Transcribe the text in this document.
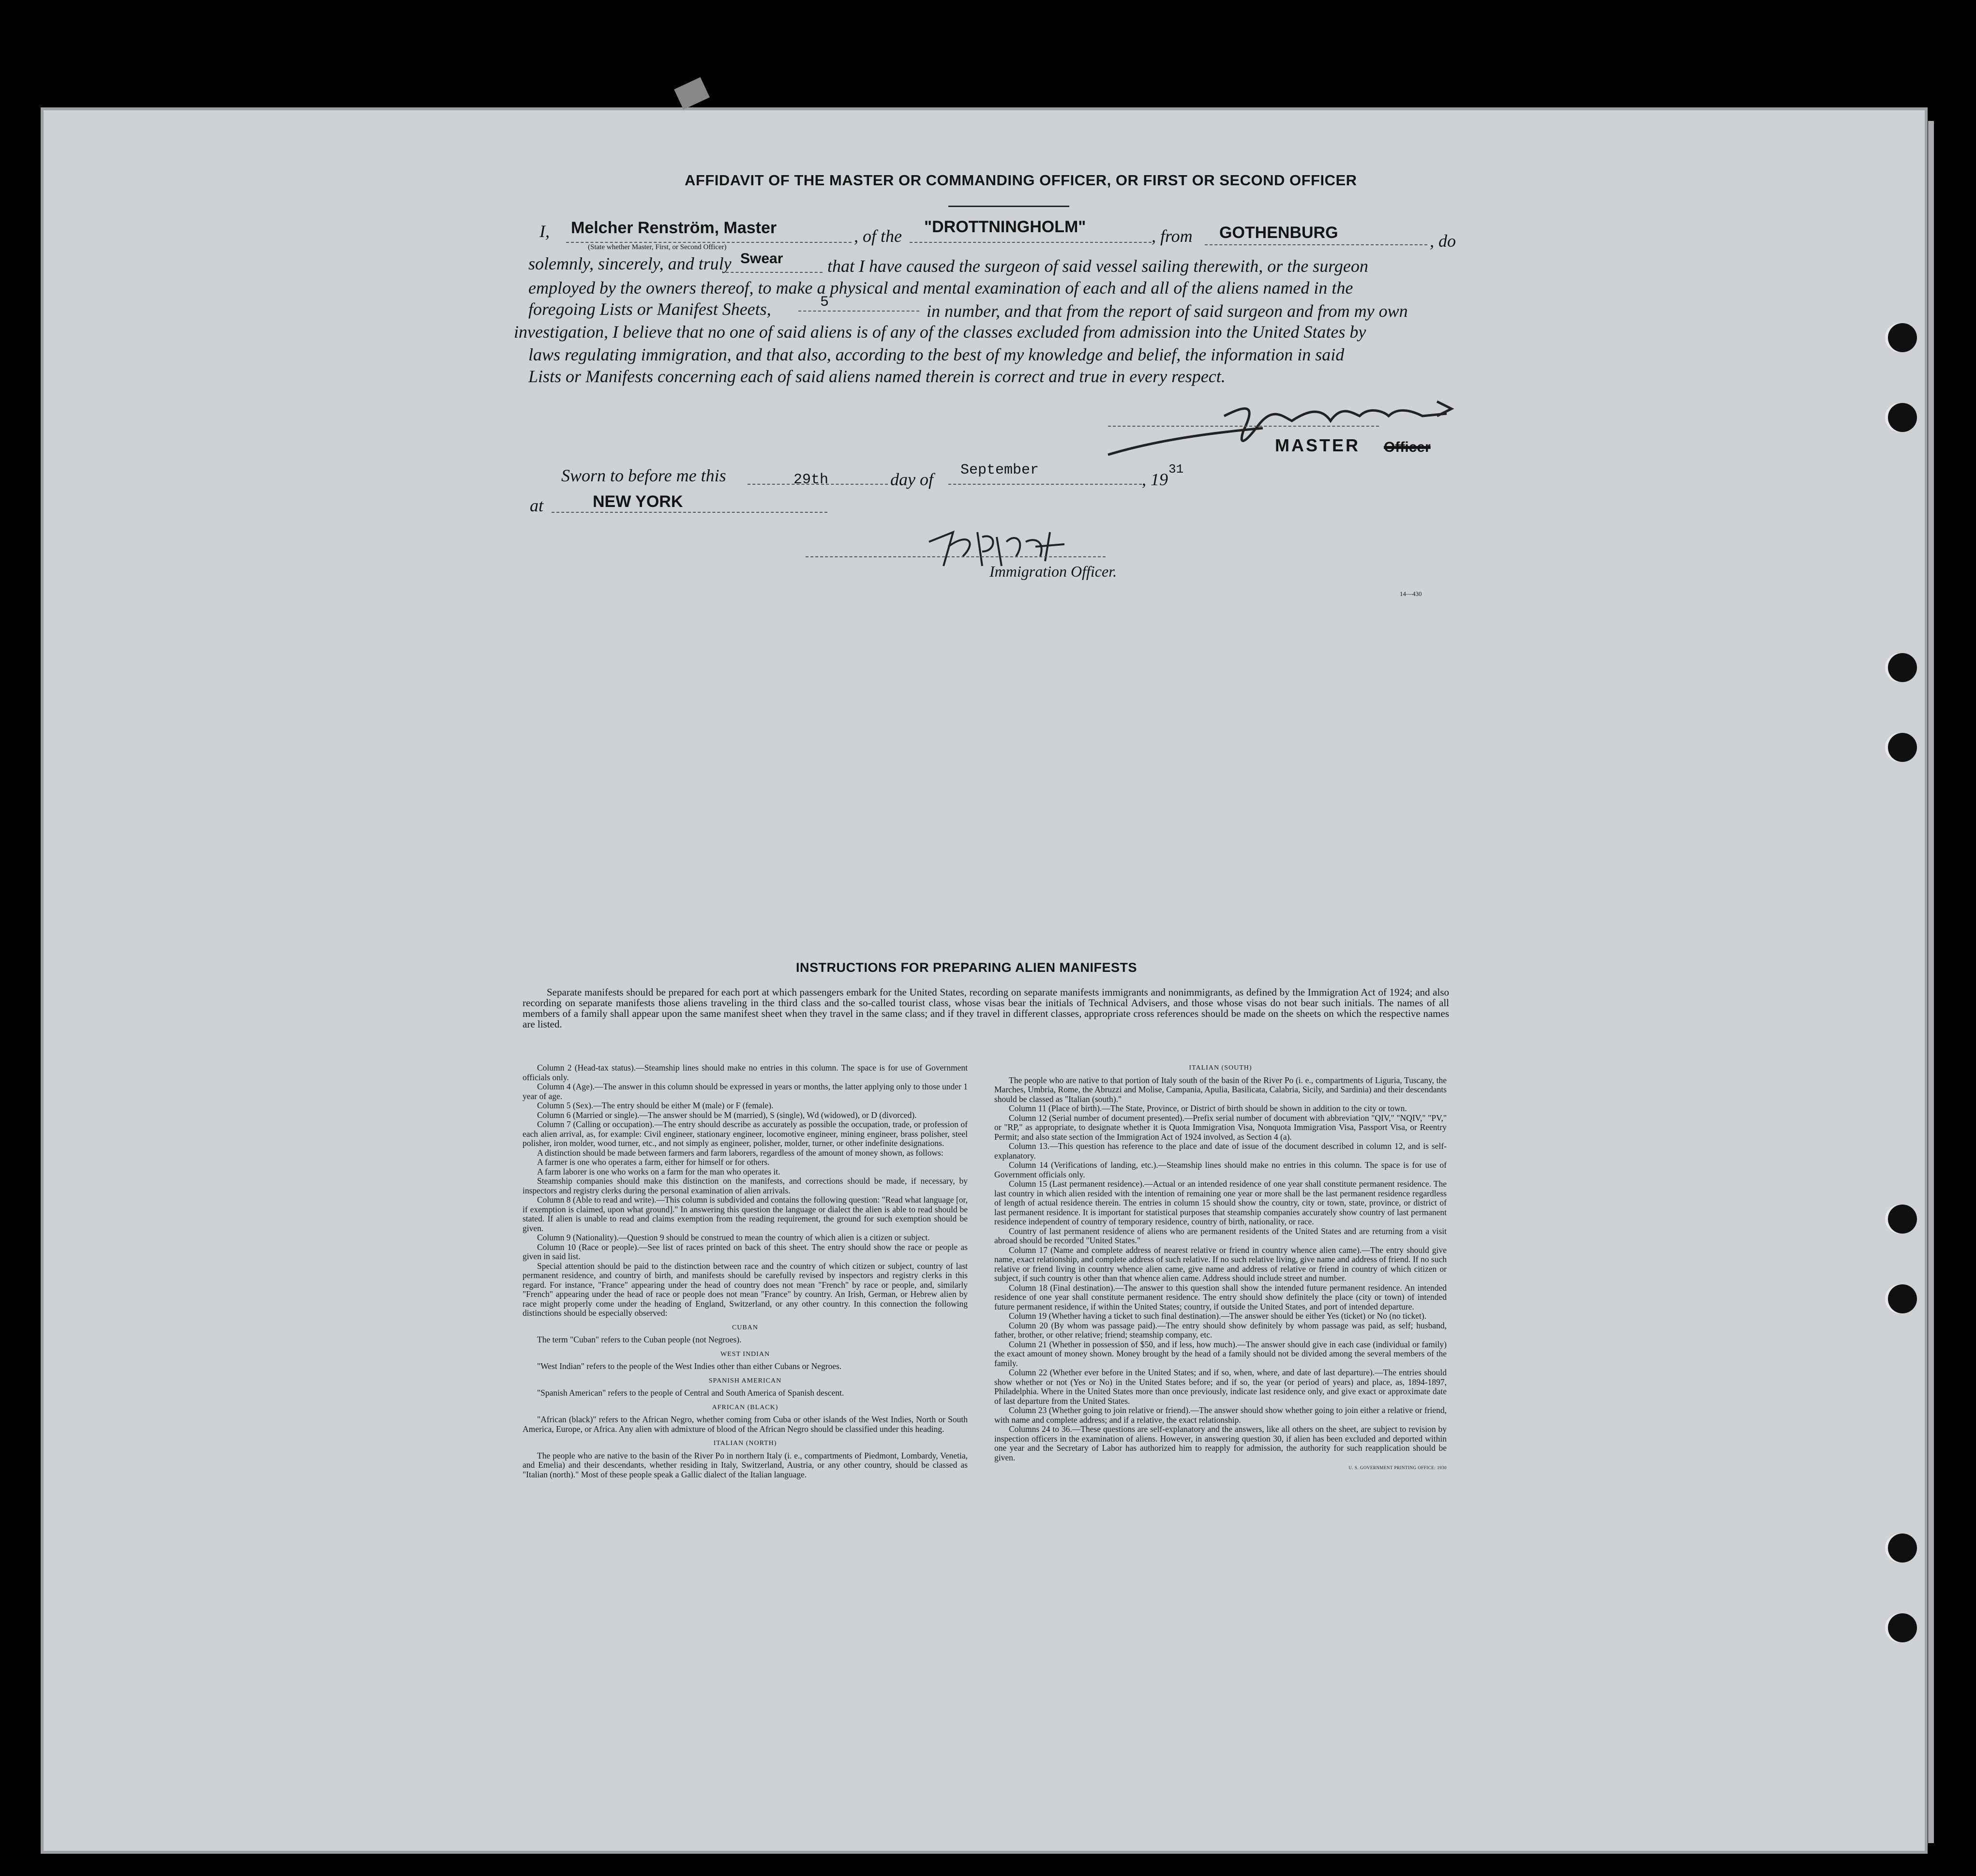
AFFIDAVIT OF THE MASTER OR COMMANDING OFFICER, OR FIRST OR SECOND OFFICER
I, Melcher Renström, Master
(State whether Master, First, or Second Officer)
, of the "DROTTNINGHOLM"	, from GOTHENBURG	, do
solemnly, sincerely, and truly Swear	that I have caused the surgeon of said vessel sailing therewith, or the surgeon
employed by the owners thereof, to make a physical and mental examination of each and all of the aliens named in the
foregoing Lists or Manifest Sheets,	5	in number, and that from the report of said surgeon and from my own
investigation, I believe that no one of said aliens is of any of the classes excluded from admission into the United States by
laws regulating immigration, and that also, according to the best of my knowledge and belief, the information in said
Lists or Manifests concerning each of said aliens named therein is correct and true in every respect.
MASTER Officer
Sworn to before me this	29th	day of September	, 19
31
at	NEW YORK
Immigration Officer.
14—430
INSTRUCTIONS FOR PREPARING ALIEN MANIFESTS
Separate manifests should be prepared for each port at which passengers embark for the United States, recording on separate manifests immigrants and nonimmigrants, as defined by the Immigration Act of 1924; and also recording on separate manifests those aliens traveling in the third class and the so-called tourist class, whose visas bear the initials of Technical Advisers, and those whose visas do not bear such initials. The names of all members of a family shall appear upon the same manifest sheet when they travel in the same class; and if they travel in different classes, appropriate cross references should be made on the sheets on which the respective names are listed.

Column 2 (Head-tax status).—Steamship lines should make no entries in this column. The space is for use of Government officials only.

Column 4 (Age).—The answer in this column should be expressed in years or months, the latter applying only to those under 1 year of age.

Column 5 (Sex).—The entry should be either M (male) or F (female).

Column 6 (Married or single).—The answer should be M (married), S (single), Wd (widowed), or D (divorced).

Column 7 (Calling or occupation).—The entry should describe as accurately as possible the occupation, trade, or profession of each alien arrival, as, for example: Civil engineer, stationary engineer, locomotive engineer, mining engineer, brass polisher, steel polisher, iron molder, wood turner, etc., and not simply as engineer, polisher, molder, turner, or other indefinite designations.

A distinction should be made between farmers and farm laborers, regardless of the amount of money shown, as follows:

A farmer is one who operates a farm, either for himself or for others.

A farm laborer is one who works on a farm for the man who operates it.

Steamship companies should make this distinction on the manifests, and corrections should be made, if necessary, by inspectors and registry clerks during the personal examination of alien arrivals.

Column 8 (Able to read and write).—This column is subdivided and contains the following question: "Read what language [or, if exemption is claimed, upon what ground]." In answering this question the language or dialect the alien is able to read should be stated. If alien is unable to read and claims exemption from the reading requirement, the ground for such exemption should be given.

Column 9 (Nationality).—Question 9 should be construed to mean the country of which alien is a citizen or subject.

Column 10 (Race or people).—See list of races printed on back of this sheet. The entry should show the race or people as given in said list.

Special attention should be paid to the distinction between race and the country of which citizen or subject, country of last permanent residence, and country of birth, and manifests should be carefully revised by inspectors and registry clerks in this regard. For instance, "France" appearing under the head of country does not mean "French" by race or people, and, similarly "French" appearing under the head of race or people does not mean "France" by country. An Irish, German, or Hebrew alien by race might properly come under the heading of England, Switzerland, or any other country. In this connection the following distinctions should be especially observed:

CUBAN

The term "Cuban" refers to the Cuban people (not Negroes).

WEST INDIAN

"West Indian" refers to the people of the West Indies other than either Cubans or Negroes.

SPANISH AMERICAN

"Spanish American" refers to the people of Central and South America of Spanish descent.

AFRICAN (BLACK)

"African (black)" refers to the African Negro, whether coming from Cuba or other islands of the West Indies, North or South America, Europe, or Africa. Any alien with admixture of blood of the African Negro should be classified under this heading.

ITALIAN (NORTH)

The people who are native to the basin of the River Po in northern Italy (i. e., compartments of Piedmont, Lombardy, Venetia, and Emelia) and their descendants, whether residing in Italy, Switzerland, Austria, or any other country, should be classed as "Italian (north)." Most of these people speak a Gallic dialect of the Italian language.

ITALIAN (SOUTH)

The people who are native to that portion of Italy south of the basin of the River Po (i. e., compartments of Liguria, Tuscany, the Marches, Umbria, Rome, the Abruzzi and Molise, Campania, Apulia, Basilicata, Calabria, Sicily, and Sardinia) and their descendants should be classed as "Italian (south)."

Column 11 (Place of birth).—The State, Province, or District of birth should be shown in addition to the city or town.

Column 12 (Serial number of document presented).—Prefix serial number of document with abbreviation "QIV," "NQIV," "PV," or "RP," as appropriate, to designate whether it is Quota Immigration Visa, Nonquota Immigration Visa, Passport Visa, or Reentry Permit; and also state section of the Immigration Act of 1924 involved, as Section 4 (a).

Column 13.—This question has reference to the place and date of issue of the document described in column 12, and is self-explanatory.

Column 14 (Verifications of landing, etc.).—Steamship lines should make no entries in this column. The space is for use of Government officials only.

Column 15 (Last permanent residence).—Actual or an intended residence of one year shall constitute permanent residence. The last country in which alien resided with the intention of remaining one year or more shall be the last permanent residence regardless of length of actual residence therein. The entries in column 15 should show the country, city or town, state, province, or district of last permanent residence. It is important for statistical purposes that steamship companies accurately show country of last permanent residence independent of country of temporary residence, country of birth, nationality, or race.

Country of last permanent residence of aliens who are permanent residents of the United States and are returning from a visit abroad should be recorded "United States."

Column 17 (Name and complete address of nearest relative or friend in country whence alien came).—The entry should give name, exact relationship, and complete address of such relative. If no such relative living, give name and address of friend. If no such relative or friend living in country whence alien came, give name and address of relative or friend in country of which citizen or subject, if such country is other than that whence alien came. Address should include street and number.

Column 18 (Final destination).—The answer to this question shall show the intended future permanent residence. An intended residence of one year shall constitute permanent residence. The entry should show definitely the place (city or town) of intended future permanent residence, if within the United States; country, if outside the United States, and port of intended departure.

Column 19 (Whether having a ticket to such final destination).—The answer should be either Yes (ticket) or No (no ticket).

Column 20 (By whom was passage paid).—The entry should show definitely by whom passage was paid, as self; husband, father, brother, or other relative; friend; steamship company, etc.

Column 21 (Whether in possession of $50, and if less, how much).—The answer should give in each case (individual or family) the exact amount of money shown. Money brought by the head of a family should not be divided among the several members of the family.

Column 22 (Whether ever before in the United States; and if so, when, where, and date of last departure).—The entries should show whether or not (Yes or No) in the United States before; and if so, the year (or period of years) and place, as, 1894-1897, Philadelphia. Where in the United States more than once previously, indicate last residence only, and give exact or approximate date of last departure from the United States.

Column 23 (Whether going to join relative or friend).—The answer should show whether going to join either a relative or friend, with name and complete address; and if a relative, the exact relationship.

Columns 24 to 36.—These questions are self-explanatory and the answers, like all others on the sheet, are subject to revision by inspection officers in the examination of aliens. However, in answering question 30, if alien has been excluded and deported within one year and the Secretary of Labor has authorized him to reapply for admission, the authority for such reapplication should be given.

U. S. GOVERNMENT PRINTING OFFICE: 1930
